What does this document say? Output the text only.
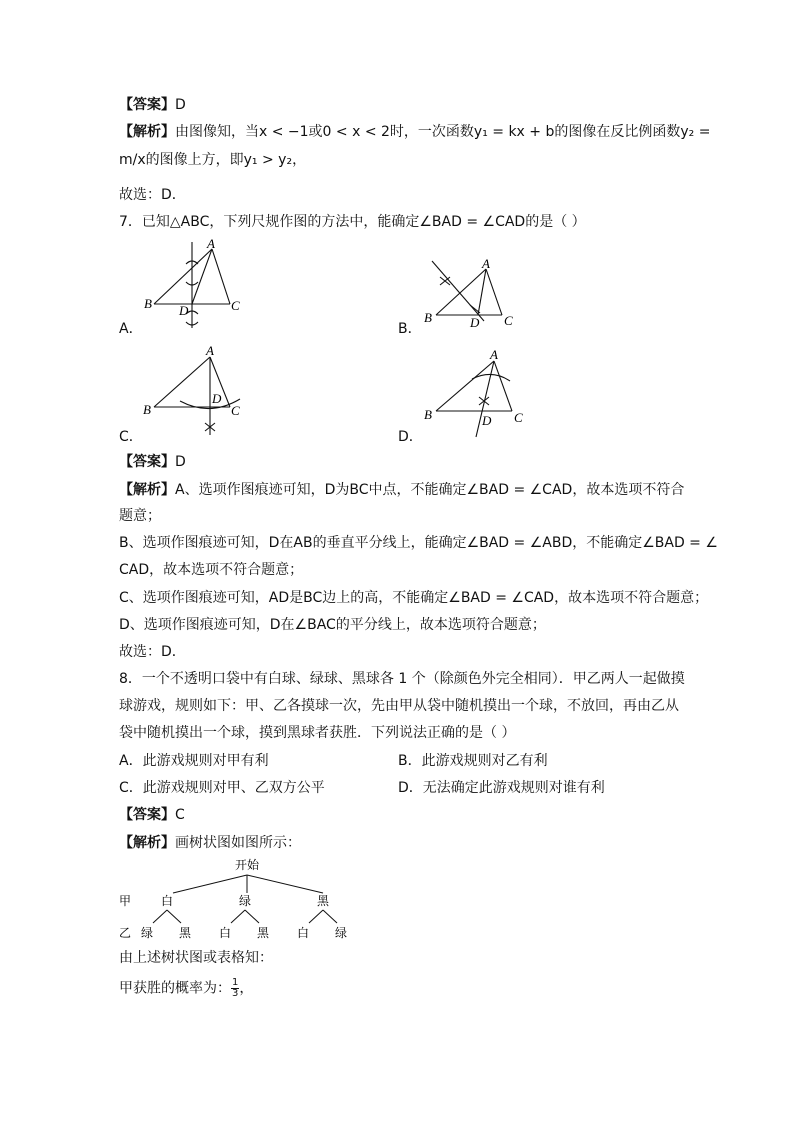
【答案】D
【解析】由图像知，当x < −1或0 < x < 2时，一次函数y₁ = kx + b的图像在反比例函数y₂ =
m/x的图像上方，即y₁ > y₂，
故选：D．
7．已知△ABC，下列尺规作图的方法中，能确定∠BAD = ∠CAD的是（ ）
A
B	C
D
A．
A
B	C
D
B．
A
B	C
D
C．
A
B	C
D
D．
【答案】D
【解析】A、选项作图痕迹可知，D为BC中点，不能确定∠BAD = ∠CAD，故本选项不符合
题意；
B、选项作图痕迹可知，D在AB的垂直平分线上，能确定∠BAD = ∠ABD，不能确定∠BAD = ∠
CAD，故本选项不符合题意；
C、选项作图痕迹可知，AD是BC边上的高，不能确定∠BAD = ∠CAD，故本选项不符合题意；
D、选项作图痕迹可知，D在∠BAC的平分线上，故本选项符合题意；
故选：D．
8．一个不透明口袋中有白球、绿球、黑球各 1 个（除颜色外完全相同）．甲乙两人一起做摸
球游戏，规则如下：甲、乙各摸球一次，先由甲从袋中随机摸出一个球，不放回，再由乙从
袋中随机摸出一个球，摸到黑球者获胜．下列说法正确的是（ ）
A．此游戏规则对甲有利	B．此游戏规则对乙有利
C．此游戏规则对甲、乙双方公平	D．无法确定此游戏规则对谁有利
【答案】C
【解析】画树状图如图所示：
开始
甲 白	绿	黑
乙 绿 黑 白 黑 白 绿
由上述树状图或表格知：
甲获胜的概率为： $\frac{1}{3}$ ，
